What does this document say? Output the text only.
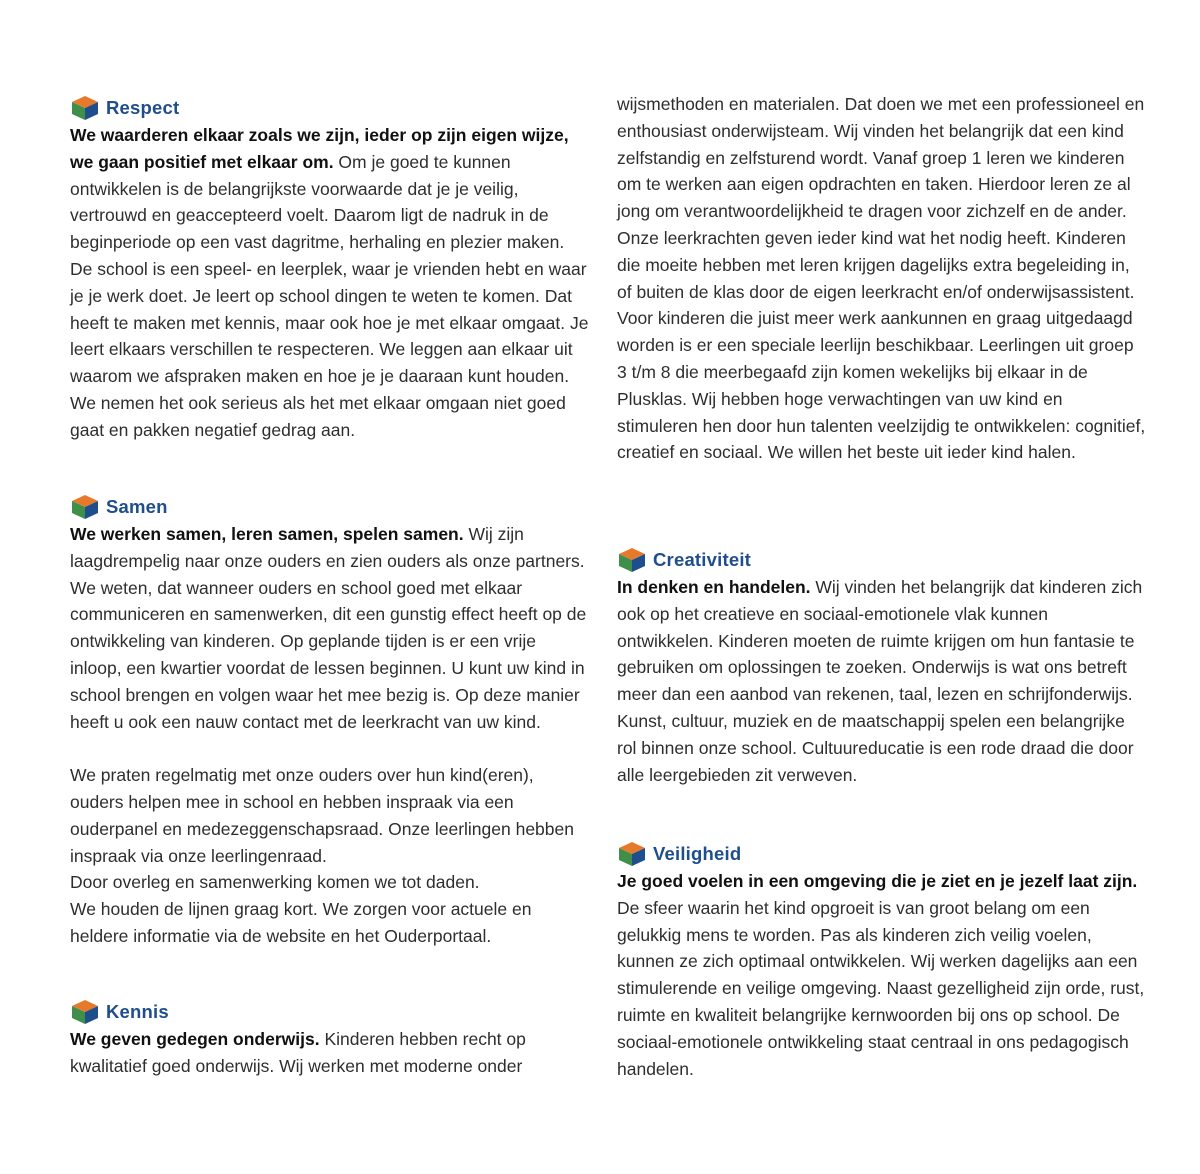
Respect

We waarderen elkaar zoals we zijn, ieder op zijn eigen wijze, we gaan positief met elkaar om. Om je goed te kunnen ontwikkelen is de belangrijkste voorwaarde dat je je veilig, vertrouwd en geaccepteerd voelt. Daarom ligt de nadruk in de beginperiode op een vast dagritme, herhaling en plezier maken. De school is een speel- en leerplek, waar je vrienden hebt en waar je je werk doet. Je leert op school dingen te weten te komen. Dat heeft te maken met kennis, maar ook hoe je met elkaar omgaat. Je leert elkaars verschillen te respecteren. We leggen aan elkaar uit waarom we afspraken maken en hoe je je daaraan kunt houden. We nemen het ook serieus als het met elkaar omgaan niet goed gaat en pakken negatief gedrag aan.

Samen

We werken samen, leren samen, spelen samen. Wij zijn laagdrempelig naar onze ouders en zien ouders als onze partners. We weten, dat wanneer ouders en school goed met elkaar communiceren en samenwerken, dit een gunstig effect heeft op de ontwikkeling van kinderen. Op geplande tijden is er een vrije inloop, een kwartier voordat de lessen beginnen. U kunt uw kind in school brengen en volgen waar het mee bezig is. Op deze manier heeft u ook een nauw contact met de leerkracht van uw kind.

We praten regelmatig met onze ouders over hun kind(eren), ouders helpen mee in school en hebben inspraak via een ouderpanel en medezeggenschapsraad. Onze leerlingen hebben inspraak via onze leerlingenraad.

Door overleg en samenwerking komen we tot daden.

We houden de lijnen graag kort. We zorgen voor actuele en heldere informatie via de website en het Ouderportaal.

Kennis

We geven gedegen onderwijs. Kinderen hebben recht op kwalitatief goed onderwijs. Wij werken met moderne onder

wijsmethoden en materialen. Dat doen we met een professioneel en enthousiast onderwijsteam. Wij vinden het belangrijk dat een kind zelfstandig en zelfsturend wordt. Vanaf groep 1 leren we kinderen om te werken aan eigen opdrachten en taken. Hierdoor leren ze al jong om verantwoordelijkheid te dragen voor zichzelf en de ander. Onze leerkrachten geven ieder kind wat het nodig heeft. Kinderen die moeite hebben met leren krijgen dagelijks extra begeleiding in, of buiten de klas door de eigen leerkracht en/of onderwijsassistent. Voor kinderen die juist meer werk aankunnen en graag uitgedaagd worden is er een speciale leerlijn beschikbaar. Leerlingen uit groep 3 t/m 8 die meerbegaafd zijn komen wekelijks bij elkaar in de Plusklas. Wij hebben hoge verwachtingen van uw kind en stimuleren hen door hun talenten veelzijdig te ontwikkelen: cognitief, creatief en sociaal. We willen het beste uit ieder kind halen.

Creativiteit

In denken en handelen. Wij vinden het belangrijk dat kinderen zich ook op het creatieve en sociaal-emotionele vlak kunnen ontwikkelen. Kinderen moeten de ruimte krijgen om hun fantasie te gebruiken om oplossingen te zoeken. Onderwijs is wat ons betreft meer dan een aanbod van rekenen, taal, lezen en schrijfonderwijs. Kunst, cultuur, muziek en de maatschappij spelen een belangrijke rol binnen onze school. Cultuureducatie is een rode draad die door alle leergebieden zit verweven.

Veiligheid

Je goed voelen in een omgeving die je ziet en je jezelf laat zijn. De sfeer waarin het kind opgroeit is van groot belang om een gelukkig mens te worden. Pas als kinderen zich veilig voelen, kunnen ze zich optimaal ontwikkelen. Wij werken dagelijks aan een stimulerende en veilige omgeving. Naast gezelligheid zijn orde, rust, ruimte en kwaliteit belangrijke kernwoorden bij ons op school. De sociaal-emotionele ontwikkeling staat centraal in ons pedagogisch handelen.
